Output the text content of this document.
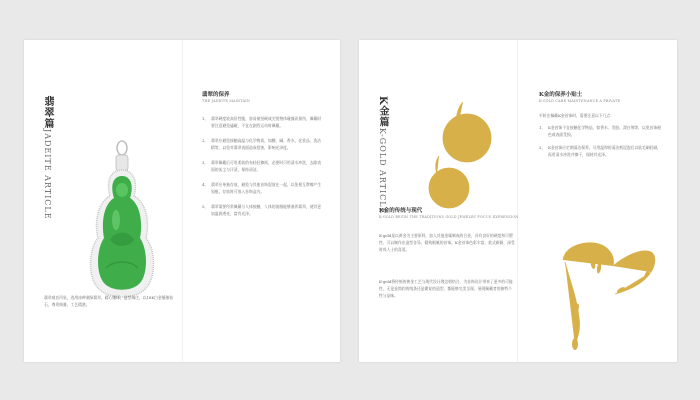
翡翠篇JADEITE ARTICLE
翡翠的保养
THE JADEITE MAINTAIN
1、 翡翠硬度较高但性脆，容易被坚硬或尖锐物体碰撞而损伤，佩戴时要注意避免磕碰，不宜在剧烈运动时佩戴。
2、 翡翠应避免接触高温与化学物质，如酸、碱、香水、化妆品、洗洁精等，以免对翡翠表面造成侵蚀，影响光泽度。
3、 翡翠佩戴后可用柔软的布轻轻擦拭，必要时可用清水冲洗，去除表面的灰尘与汗渍，保持清洁。
4、 翡翠应单独存放，避免与其他首饰混放在一起，以免相互摩擦产生划痕，存放时可放入首饰盒内。
5、 翡翠需要经常佩戴与人体接触，人体的油脂能够滋养翡翠，使其更加温润透亮，富有光泽。

翡翠观音吊坠，选用冰种满绿翡翠，精心雕琢，造型端庄，以18K白金镶嵌钻石，尊贵典雅，工艺精湛。

K金篇K-GOLD ARTICLE
K金的保养小贴士
K-GOLD CARE MAINTENANCE A PRIVATE

平时在佩戴K金首饰时，需要注意以下几点：

1、 K金首饰不宜接触化学物品，如香水、发胶、漂白剂等，以免首饰褪色或表面受损。
2、 K金首饰应定期清洁保养，可用温和的清洁剂浸泡后以软毛刷轻刷，再用清水冲洗并擦干，保持其光泽。
K金的传统与现代
K-GOLD BEGIN THE TRADITIONS GOLD JEWELRY FOCUS EXPRESSION

K-gold是以黄金为主要原料，加入其他金属制成的合金，具有良好的硬度和可塑性，可以制作出造型各异、精致细腻的首饰。K金首饰色彩丰富，款式新颖，深受时尚人士的喜爱。

K-gold将传统的黄金工艺与现代设计理念相结合，为首饰设计带来了更多的可能性，无论是简约的线条还是繁复的造型，都能够完美呈现，展现佩戴者的独特个性与品味。
